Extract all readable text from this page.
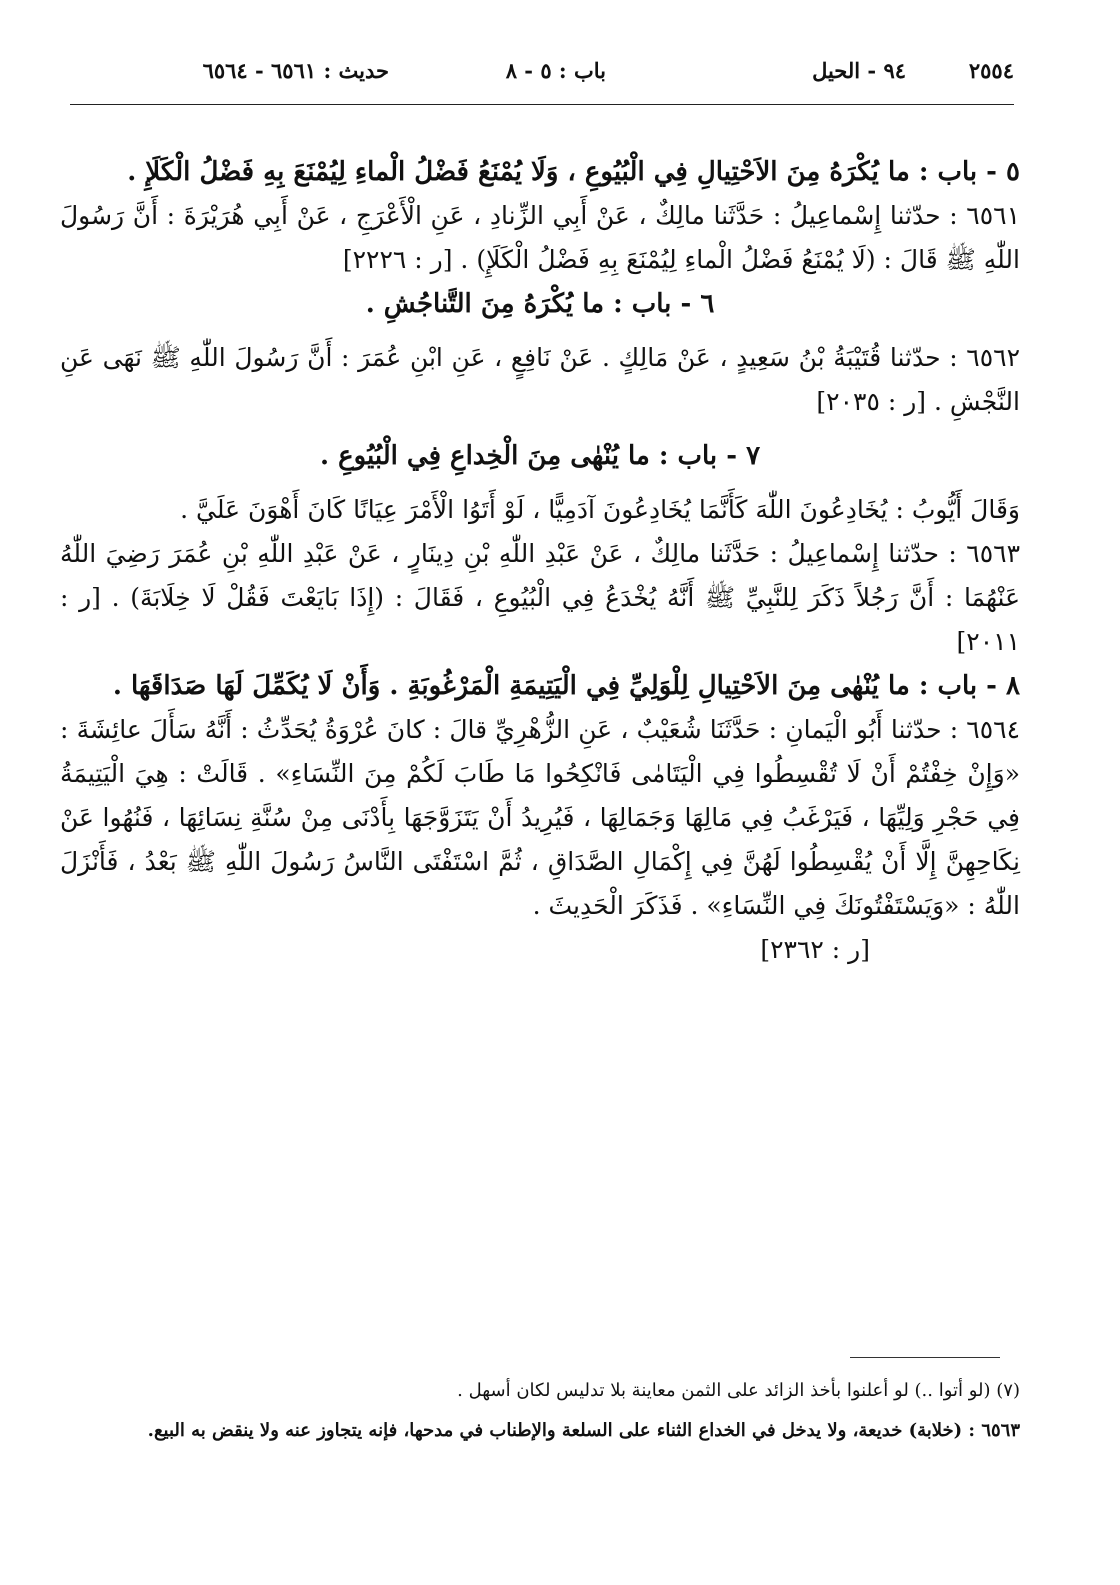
٢٥٥٤
٩٤ - الحيل
باب : ٥ - ٨
حديث : ٦٥٦١ - ٦٥٦٤

٥ - باب : ما يُكْرَهُ مِنَ الاَحْتِيالِ فِي الْبُيُوعِ ، وَلَا يُمْنَعُ فَضْلُ الْماءِ لِيُمْنَعَ بِهِ فَضْلُ الْكَلَإِ .

٦٥٦١ : حدّثنا إِسْماعِيلُ : حَدَّثَنا مالِكٌ ، عَنْ أَبِي الزِّنادِ ، عَنِ الْأَعْرَجِ ، عَنْ أَبِي هُرَيْرَةَ : أَنَّ رَسُولَ اللّٰهِ ﷺ قَالَ : (لَا يُمْنَعُ فَضْلُ الْماءِ لِيُمْنَعَ بِهِ فَضْلُ الْكَلَإِ) . [ر : ٢٢٢٦]

٦ - باب : ما يُكْرَهُ مِنَ التَّناجُشِ .

٦٥٦٢ : حدّثنا قُتَيْبَةُ بْنُ سَعِيدٍ ، عَنْ مَالِكٍ . عَنْ نَافِعٍ ، عَنِ ابْنِ عُمَرَ : أَنَّ رَسُولَ اللّٰهِ ﷺ نَهَى عَنِ النَّجْشِ . [ر : ٢٠٣٥]

٧ - باب : ما يُنْهٰى مِنَ الْخِداعِ فِي الْبُيُوعِ .

وَقَالَ أَيُّوبُ : يُخَادِعُونَ اللّٰهَ كَأَنَّمَا يُخَادِعُونَ آدَمِيًّا ، لَوْ أَتَوُا الْأَمْرَ عِيَانًا كَانَ أَهْوَنَ عَلَيَّ .

٦٥٦٣ : حدّثنا إِسْماعِيلُ : حَدَّثَنا مالِكٌ ، عَنْ عَبْدِ اللّٰهِ بْنِ دِينَارٍ ، عَنْ عَبْدِ اللّٰهِ بْنِ عُمَرَ رَضِيَ اللّٰهُ عَنْهُمَا : أَنَّ رَجُلاً ذَكَرَ لِلنَّبِيِّ ﷺ أَنَّهُ يُخْدَعُ فِي الْبُيُوعِ ، فَقَالَ : (إِذَا بَايَعْتَ فَقُلْ لَا خِلَابَةَ) . [ر : ٢٠١١]

٨ - باب : ما يُنْهٰى مِنَ الاَحْتِيالِ لِلْوَلِيِّ فِي الْيَتِيمَةِ الْمَرْغُوبَةِ . وَأَنْ لَا يُكَمِّلَ لَهَا صَدَاقَهَا .

٦٥٦٤ : حدّثنا أَبُو الْيَمانِ : حَدَّثَنَا شُعَيْبٌ ، عَنِ الزُّهْرِيِّ قالَ : كانَ عُرْوَةُ يُحَدِّثُ : أَنَّهُ سَأَلَ عائِشَةَ : «وَإِنْ خِفْتُمْ أَنْ لَا تُقْسِطُوا فِي الْيَتَامٰى فَانْكِحُوا مَا طَابَ لَكُمْ مِنَ النِّسَاءِ» . قَالَتْ : هِيَ الْيَتِيمَةُ فِي حَجْرِ وَلِيِّهَا ، فَيَرْغَبُ فِي مَالِهَا وَجَمَالِهَا ، فَيُرِيدُ أَنْ يَتَزَوَّجَهَا بِأَدْنَى مِنْ سُنَّةِ نِسَائِهَا ، فَنُهُوا عَنْ نِكَاحِهِنَّ إِلَّا أَنْ يُقْسِطُوا لَهُنَّ فِي إِكْمَالِ الصَّدَاقِ ، ثُمَّ اسْتَفْتَى النَّاسُ رَسُولَ اللّٰهِ ﷺ بَعْدُ ، فَأَنْزَلَ اللّٰهُ : «وَيَسْتَفْتُونَكَ فِي النِّسَاءِ» . فَذَكَرَ الْحَدِيثَ .

[ر : ٢٣٦٢]

(٧) (لو أتوا ..) لو أعلنوا بأخذ الزائد على الثمن معاينة بلا تدليس لكان أسهل .

٦٥٦٣ : (خلابة) خديعة، ولا يدخل في الخداع الثناء على السلعة والإطناب في مدحها، فإنه يتجاوز عنه ولا ينقض به البيع.
